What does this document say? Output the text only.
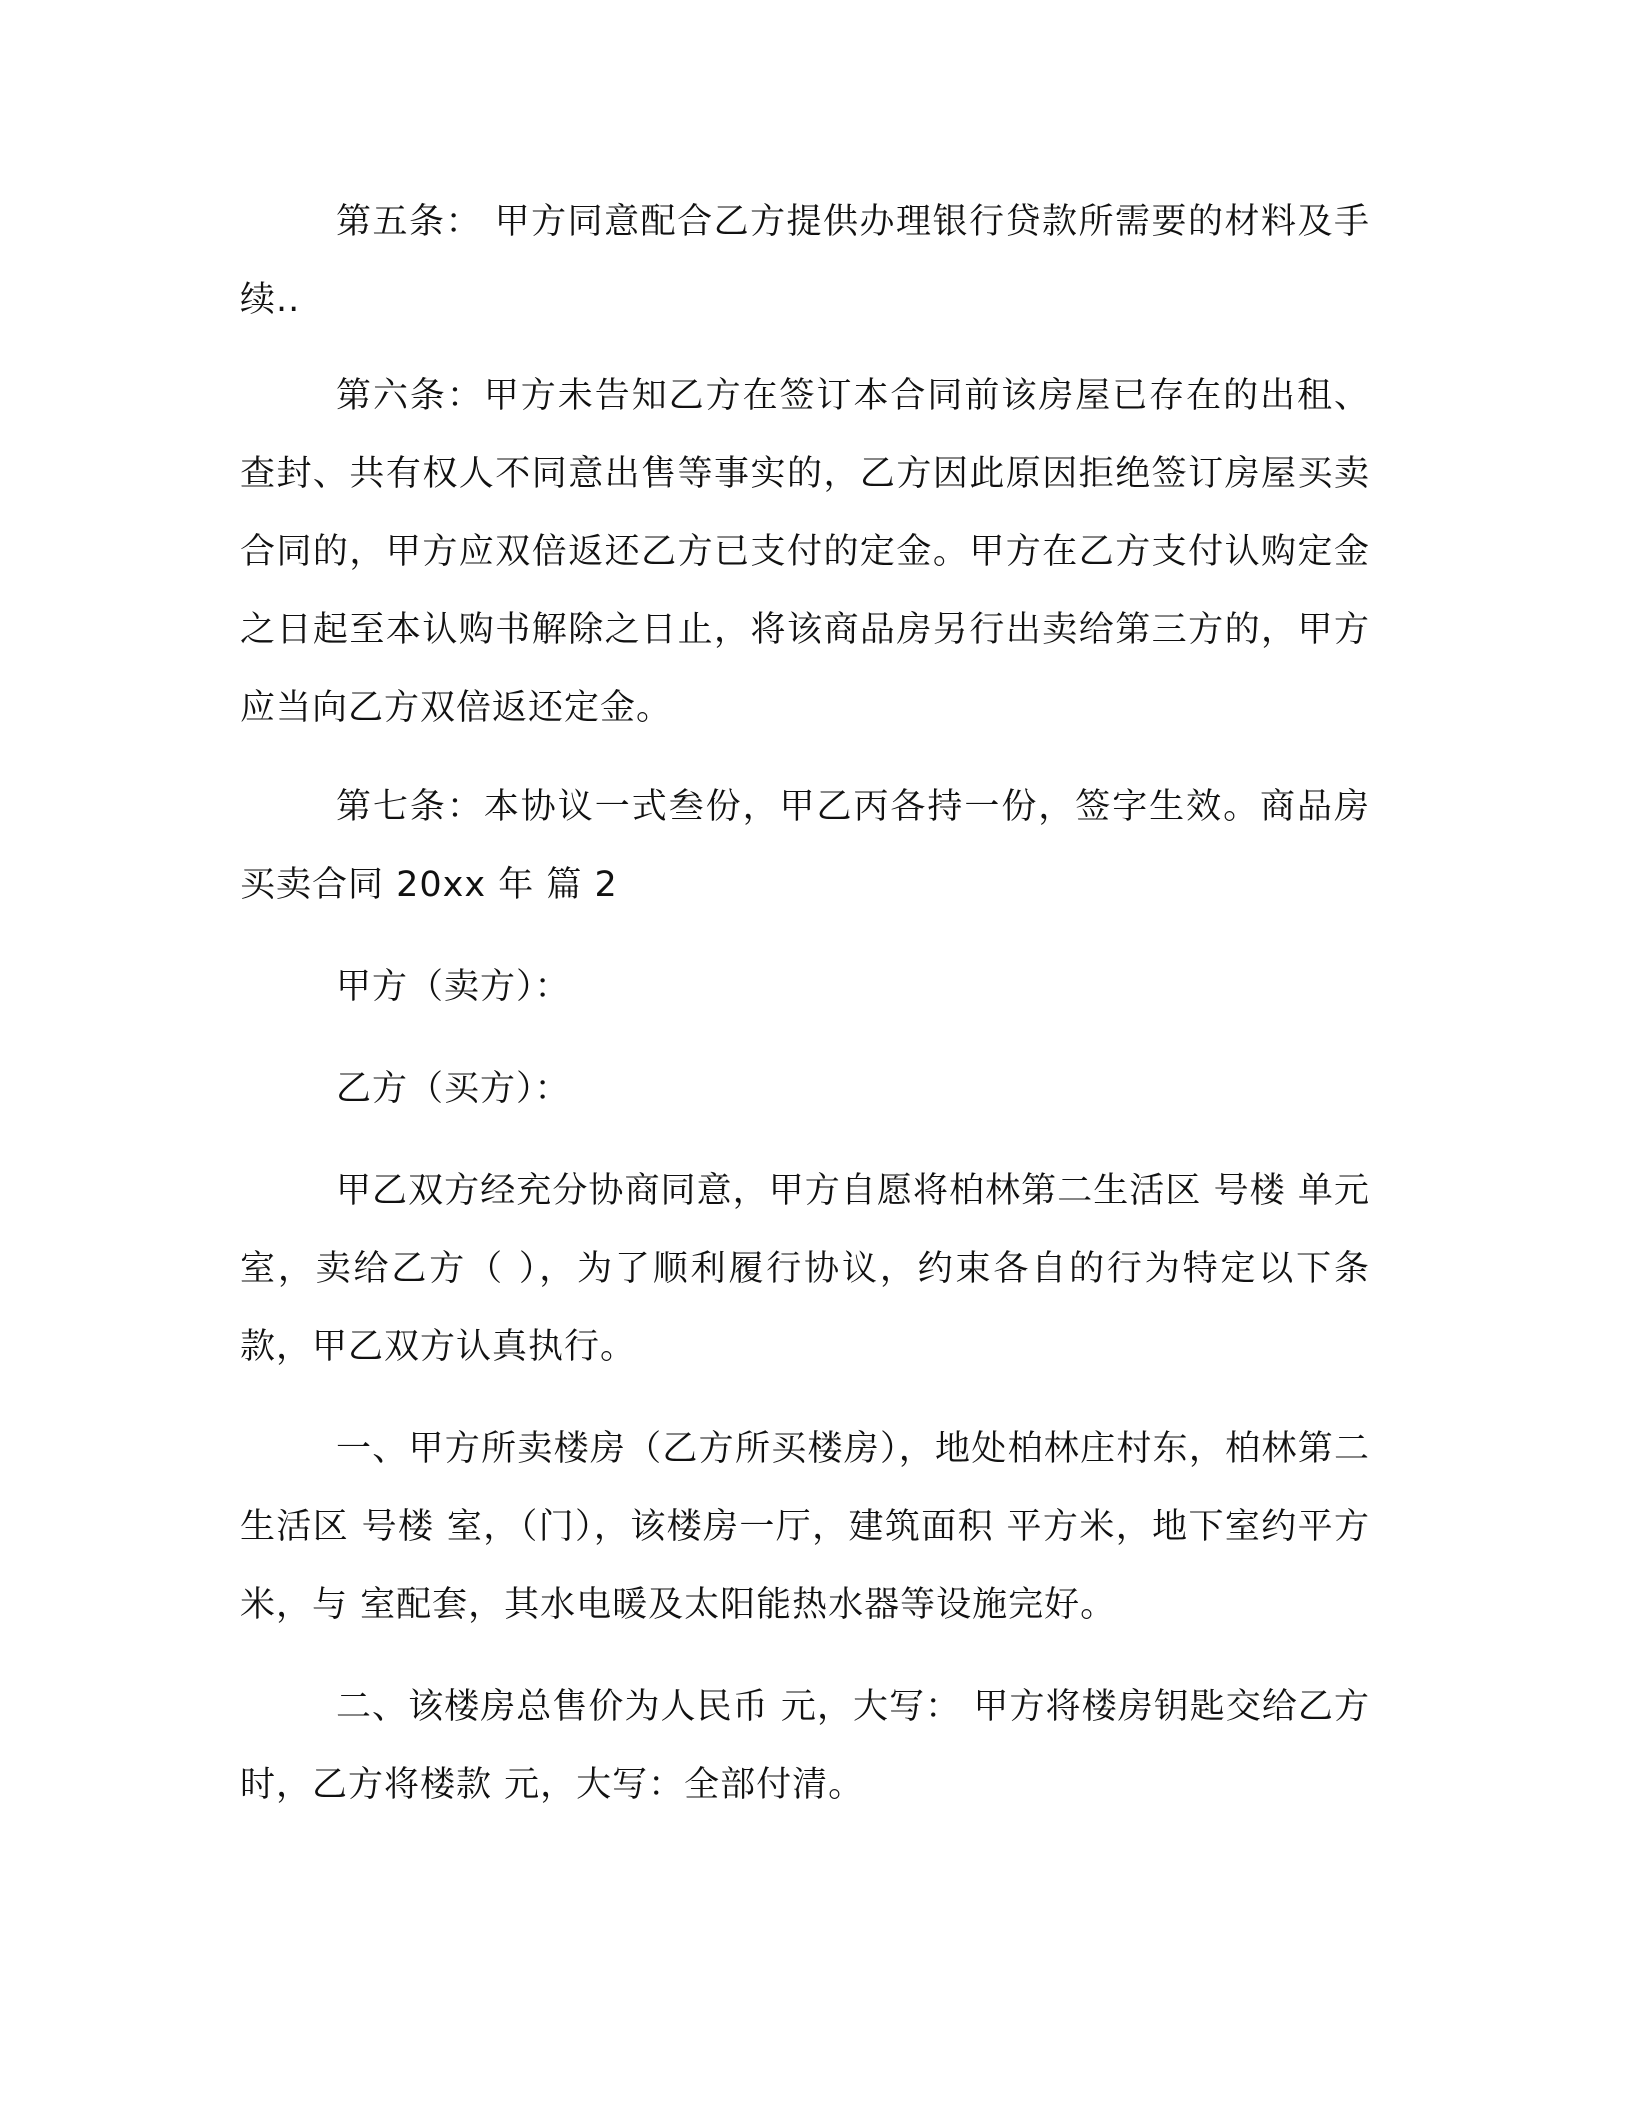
第五条： 甲方同意配合乙方提供办理银行贷款所需要的材料及手续..

第六条：甲方未告知乙方在签订本合同前该房屋已存在的出租、查封、共有权人不同意出售等事实的，乙方因此原因拒绝签订房屋买卖合同的，甲方应双倍返还乙方已支付的定金。甲方在乙方支付认购定金之日起至本认购书解除之日止，将该商品房另行出卖给第三方的，甲方应当向乙方双倍返还定金。

第七条：本协议一式叁份，甲乙丙各持一份，签字生效。商品房买卖合同 20xx 年 篇 2

甲方（卖方）：

乙方（买方）：

甲乙双方经充分协商同意，甲方自愿将柏林第二生活区 号楼 单元 室，卖给乙方（ ），为了顺利履行协议，约束各自的行为特定以下条款，甲乙双方认真执行。

一、甲方所卖楼房（乙方所买楼房），地处柏林庄村东，柏林第二生活区 号楼 室，（门），该楼房一厅，建筑面积 平方米，地下室约平方米，与 室配套，其水电暖及太阳能热水器等设施完好。

二、该楼房总售价为人民币 元，大写： 甲方将楼房钥匙交给乙方时，乙方将楼款 元，大写：全部付清。
